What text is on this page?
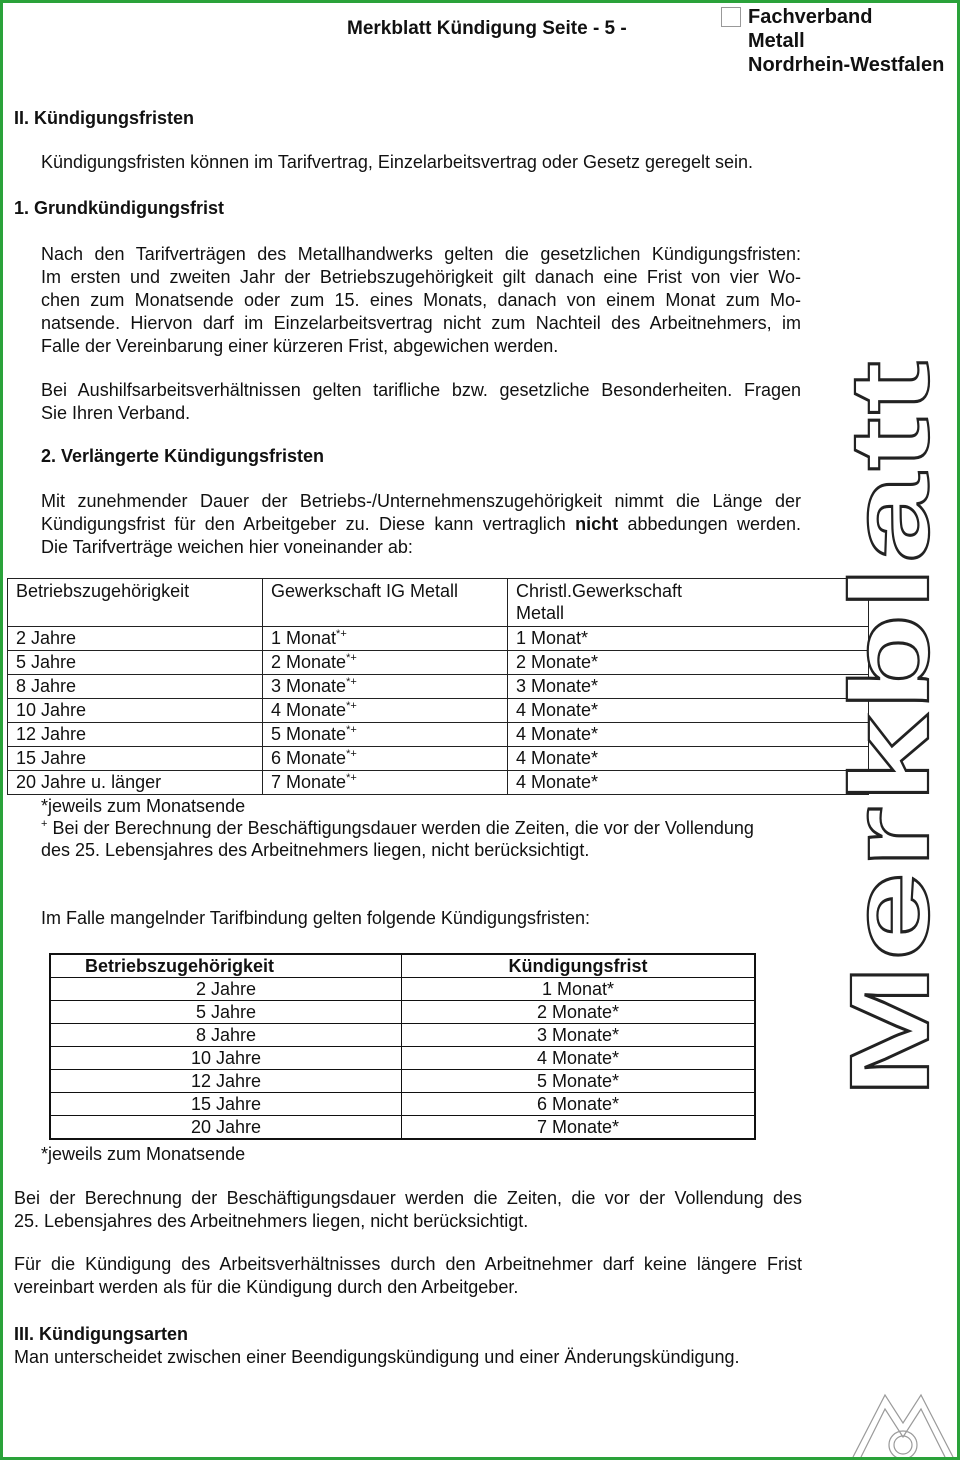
Merkblatt Kündigung Seite - 5 -
Fachverband
Metall
Nordrhein-Westfalen
II. Kündigungsfristen
Kündigungsfristen können im Tarifvertrag, Einzelarbeitsvertrag oder Gesetz geregelt sein.
1. Grundkündigungsfrist
Nach den Tarifverträgen des Metallhandwerks gelten die gesetzlichen Kündigungsfristen:
Im ersten und zweiten Jahr der Betriebszugehörigkeit gilt danach eine Frist von vier Wo-
chen zum Monatsende oder zum 15. eines Monats, danach von einem Monat zum Mo-
natsende. Hiervon darf im Einzelarbeitsvertrag nicht zum Nachteil des Arbeitnehmers, im
Falle der Vereinbarung einer kürzeren Frist, abgewichen werden.
Bei Aushilfsarbeitsverhältnissen gelten tarifliche bzw. gesetzliche Besonderheiten. Fragen
Sie Ihren Verband.
2. Verlängerte Kündigungsfristen
Mit zunehmender Dauer der Betriebs-/Unternehmenszugehörigkeit nimmt die Länge der
Kündigungsfrist für den Arbeitgeber zu. Diese kann vertraglich nicht abbedungen werden.
Die Tarifverträge weichen hier voneinander ab:
Betriebszugehörigkeit	Gewerkschaft IG Metall	Christl.Gewerkschaft
Metall
2 Jahre	1 Monat*+	1 Monat*
5 Jahre	2 Monate*+	2 Monate*
8 Jahre	3 Monate*+	3 Monate*
10 Jahre	4 Monate*+	4 Monate*
12 Jahre	5 Monate*+	4 Monate*
15 Jahre	6 Monate*+	4 Monate*
20 Jahre u. länger	7 Monate*+	4 Monate*
*jeweils zum Monatsende
+ Bei der Berechnung der Beschäftigungsdauer werden die Zeiten, die vor der Vollendung
des 25. Lebensjahres des Arbeitnehmers liegen, nicht berücksichtigt.
Im Falle mangelnder Tarifbindung gelten folgende Kündigungsfristen:
Betriebszugehörigkeit	Kündigungsfrist
2 Jahre	1 Monat*
5 Jahre	2 Monate*
8 Jahre	3 Monate*
10 Jahre	4 Monate*
12 Jahre	5 Monate*
15 Jahre	6 Monate*
20 Jahre	7 Monate*
*jeweils zum Monatsende
Bei der Berechnung der Beschäftigungsdauer werden die Zeiten, die vor der Vollendung des
25. Lebensjahres des Arbeitnehmers liegen, nicht berücksichtigt.
Für die Kündigung des Arbeitsverhältnisses durch den Arbeitnehmer darf keine längere Frist
vereinbart werden als für die Kündigung durch den Arbeitgeber.
III. Kündigungsarten
Man unterscheidet zwischen einer Beendigungskündigung und einer Änderungskündigung.
Merkblatt
